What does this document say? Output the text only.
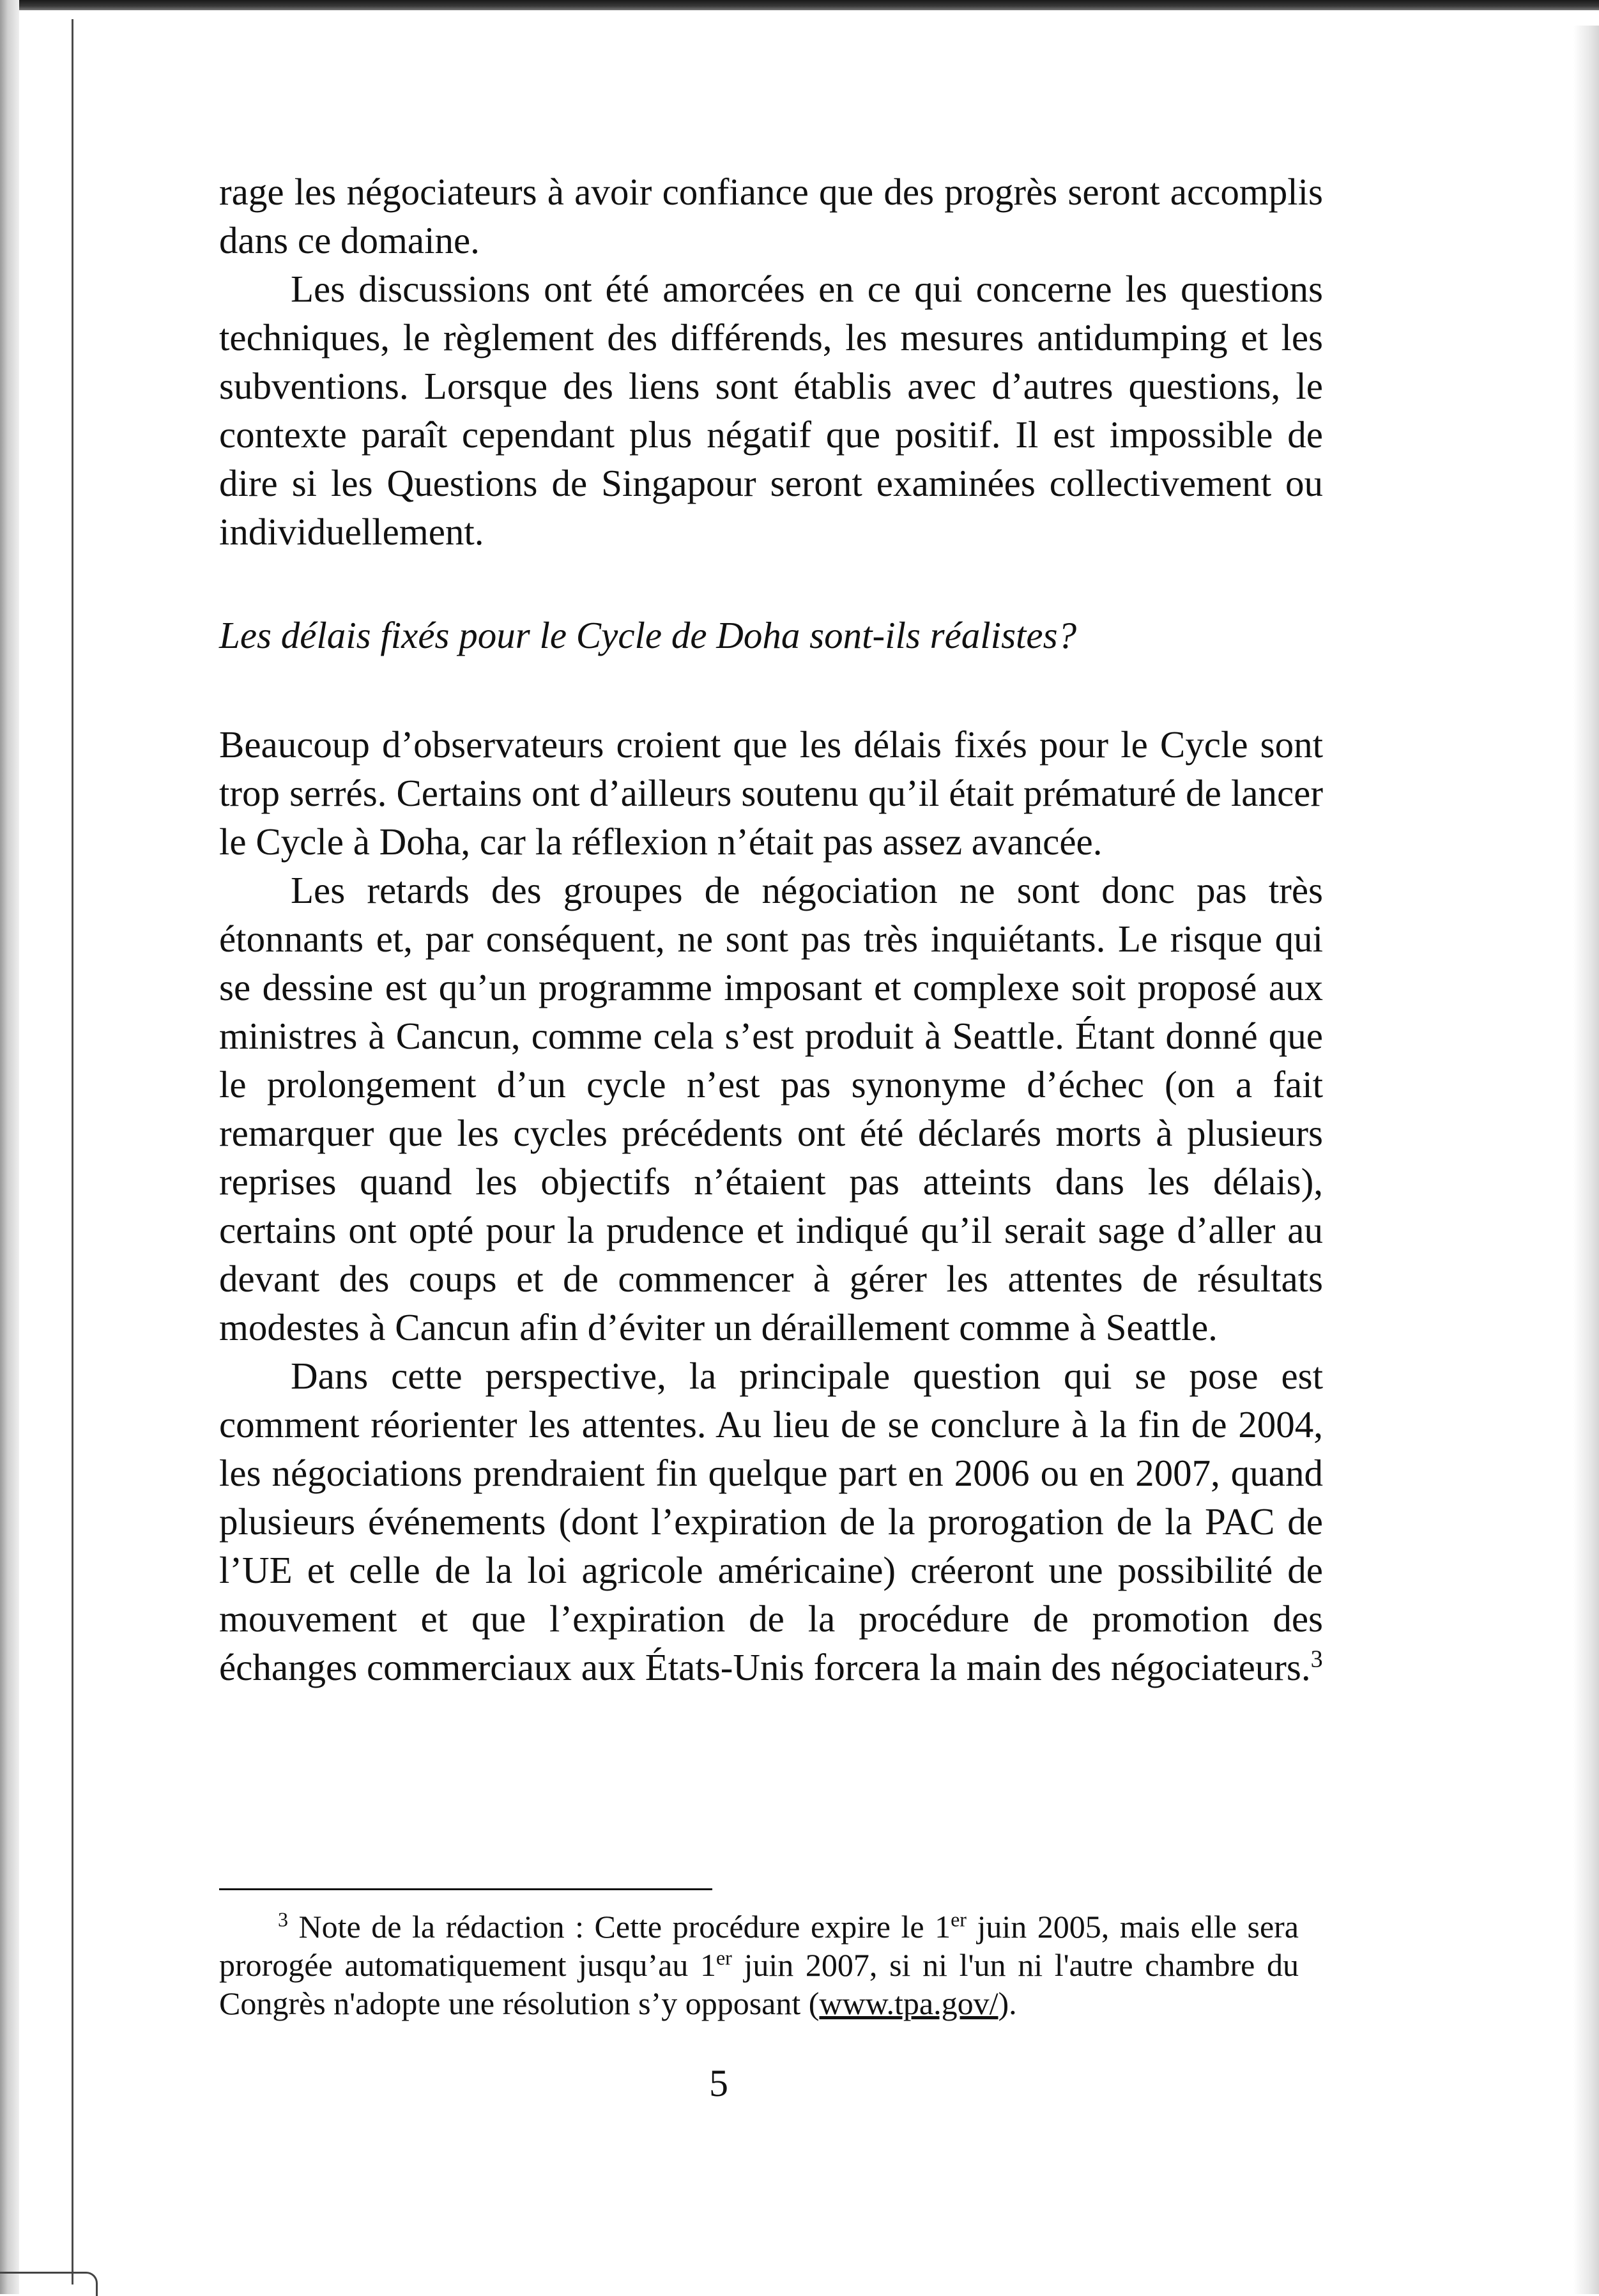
rage les négociateurs à avoir confiance que des progrès seront accomplis dans ce domaine.

Les discussions ont été amorcées en ce qui concerne les questions techniques, le règlement des différends, les mesures antidumping et les subventions. Lorsque des liens sont établis avec d’autres questions, le contexte paraît cependant plus négatif que positif. Il est impossible de dire si les Questions de Singapour seront examinées collectivement ou individuellement.

Les délais fixés pour le Cycle de Doha sont-ils réalistes?

Beaucoup d’observateurs croient que les délais fixés pour le Cycle sont trop serrés. Certains ont d’ailleurs soutenu qu’il était prématuré de lancer le Cycle à Doha, car la réflexion n’était pas assez avancée.

Les retards des groupes de négociation ne sont donc pas très étonnants et, par conséquent, ne sont pas très inquiétants. Le risque qui se dessine est qu’un programme imposant et complexe soit proposé aux ministres à Cancun, comme cela s’est produit à Seattle. Étant donné que le prolongement d’un cycle n’est pas synonyme d’échec (on a fait remarquer que les cycles précédents ont été déclarés morts à plusieurs reprises quand les objectifs n’étaient pas atteints dans les délais), certains ont opté pour la prudence et indiqué qu’il serait sage d’aller au devant des coups et de commencer à gérer les attentes de résultats modestes à Cancun afin d’éviter un déraillement comme à Seattle.

Dans cette perspective, la principale question qui se pose est comment réorienter les attentes. Au lieu de se conclure à la fin de 2004, les négociations prendraient fin quelque part en 2006 ou en 2007, quand plusieurs événements (dont l’expiration de la prorogation de la PAC de l’UE et celle de la loi agricole américaine) créeront une possibilité de mouvement et que l’expiration de la procédure de promotion des échanges commerciaux aux États-Unis forcera la main des négociateurs.$^3$

$^3$ Note de la rédaction : Cette procédure expire le 1er juin 2005, mais elle sera prorogée automatiquement jusqu’au 1er juin 2007, si ni l'un ni l'autre chambre du Congrès n'adopte une résolution s’y opposant (www.tpa.gov/).
5
